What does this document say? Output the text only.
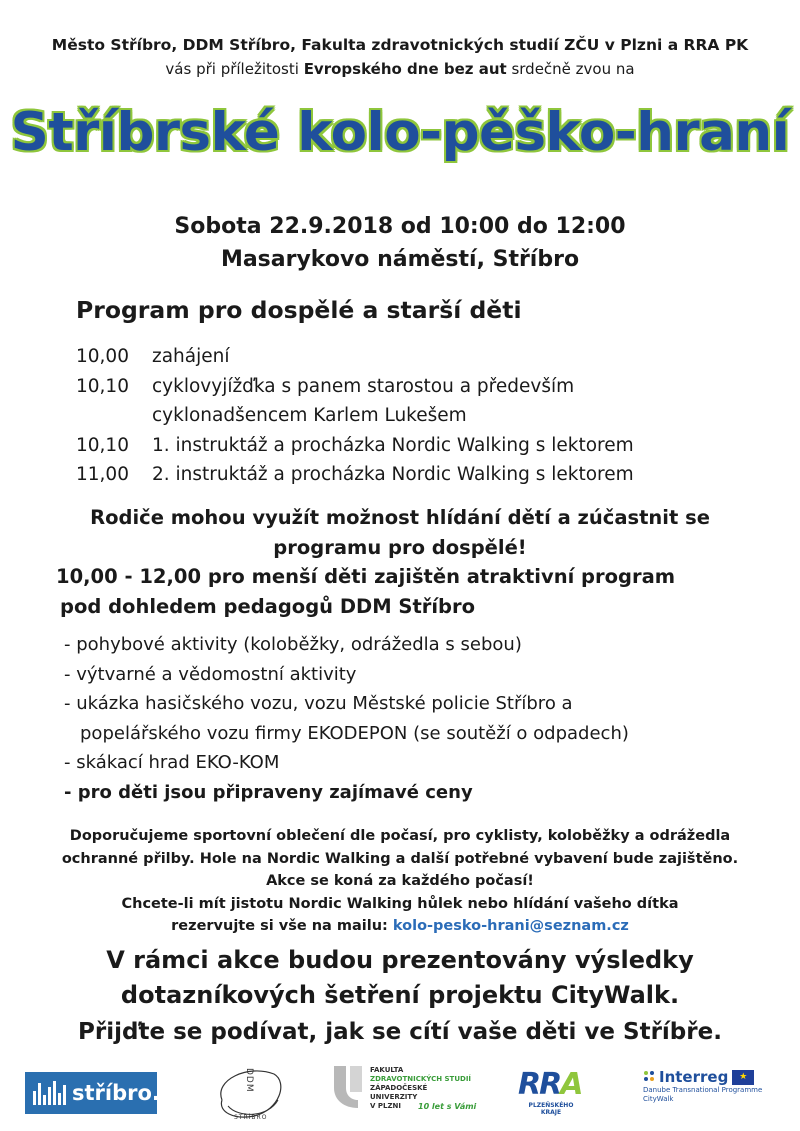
Město Stříbro, DDM Stříbro, Fakulta zdravotnických studií ZČU v Plzni a RRA PK
vás při příležitosti Evropského dne bez aut srdečně zvou na
Stříbrské kolo-pěško-hraní
Sobota 22.9.2018 od 10:00 do 12:00
Masarykovo náměstí, Stříbro
Program pro dospělé a starší děti
10,00	zahájení
10,10	cyklovyjížďka s panem starostou a především
cyklonadšencem Karlem Lukešem
10,10	1. instruktáž a procházka Nordic Walking s lektorem
11,00	2. instruktáž a procházka Nordic Walking s lektorem
Rodiče mohou využít možnost hlídání dětí a zúčastnit se
programu pro dospělé!
10,00 - 12,00 pro menší děti zajištěn atraktivní program
pod dohledem pedagogů DDM Stříbro
- pohybové aktivity (koloběžky, odrážedla s sebou)
- výtvarné a vědomostní aktivity
- ukázka hasičského vozu, vozu Městské policie Stříbro a
popelářského vozu firmy EKODEPON (se soutěží o odpadech)
- skákací hrad EKO-KOM
- pro děti jsou připraveny zajímavé ceny
Doporučujeme sportovní oblečení dle počasí, pro cyklisty, koloběžky a odrážedla
ochranné přilby. Hole na Nordic Walking a další potřebné vybavení bude zajištěno.
Akce se koná za každého počasí!
Chcete-li mít jistotu Nordic Walking hůlek nebo hlídání vašeho dítka
rezervujte si vše na mailu: kolo-pesko-hrani@seznam.cz
V rámci akce budou prezentovány výsledky
dotazníkových šetření projektu CityWalk.
Přijďte se podívat, jak se cítí vaše děti ve Stříbře.
stříbro.
DDM
STŘÍBRO
FAKULTA
ZDRAVOTNICKÝCH STUDIÍ
ZÁPADOČESKÉ
UNIVERZITY
V PLZNI	10 let s Vámi
RRA
PLZEŇSKÉHO KRAJE
Interreg	★
Danube Transnational Programme
CityWalk
